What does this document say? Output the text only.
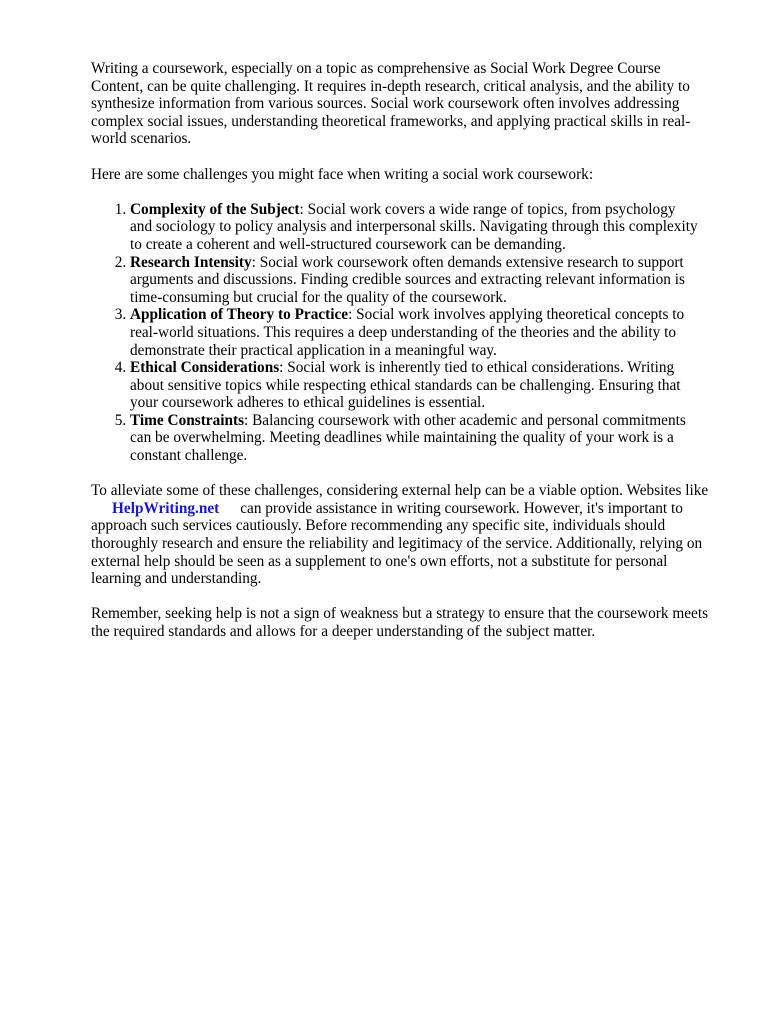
Writing a coursework, especially on a topic as comprehensive as Social Work Degree Course Content, can be quite challenging. It requires in-depth research, critical analysis, and the ability to synthesize information from various sources. Social work coursework often involves addressing complex social issues, understanding theoretical frameworks, and applying practical skills in real-world scenarios.

Here are some challenges you might face when writing a social work coursework:

1. Complexity of the Subject: Social work covers a wide range of topics, from psychology and sociology to policy analysis and interpersonal skills. Navigating through this complexity to create a coherent and well-structured coursework can be demanding.
2. Research Intensity: Social work coursework often demands extensive research to support arguments and discussions. Finding credible sources and extracting relevant information is time-consuming but crucial for the quality of the coursework.
3. Application of Theory to Practice: Social work involves applying theoretical concepts to real-world situations. This requires a deep understanding of the theories and the ability to demonstrate their practical application in a meaningful way.
4. Ethical Considerations: Social work is inherently tied to ethical considerations. Writing about sensitive topics while respecting ethical standards can be challenging. Ensuring that your coursework adheres to ethical guidelines is essential.
5. Time Constraints: Balancing coursework with other academic and personal commitments can be overwhelming. Meeting deadlines while maintaining the quality of your work is a constant challenge.

To alleviate some of these challenges, considering external help can be a viable option. Websites like
HelpWriting.net can provide assistance in writing coursework. However, it's important to approach such services cautiously. Before recommending any specific site, individuals should thoroughly research and ensure the reliability and legitimacy of the service. Additionally, relying on external help should be seen as a supplement to one's own efforts, not a substitute for personal learning and understanding.

Remember, seeking help is not a sign of weakness but a strategy to ensure that the coursework meets the required standards and allows for a deeper understanding of the subject matter.
